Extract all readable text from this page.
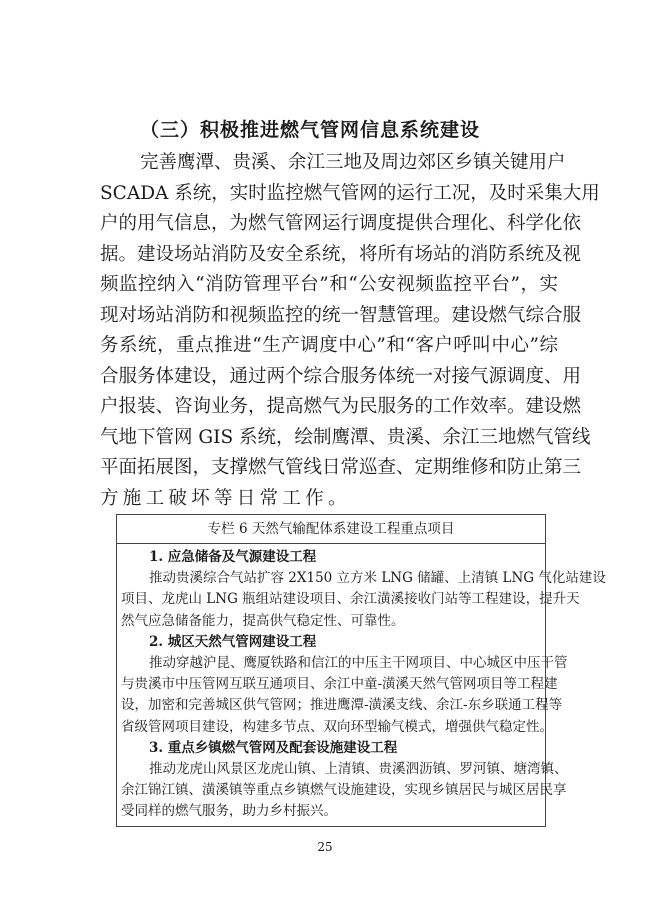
（三）积极推进燃气管网信息系统建设
完善鹰潭、贵溪、余江三地及周边郊区乡镇关键用户
SCADA 系统，实时监控燃气管网的运行工况，及时采集大用
户的用气信息，为燃气管网运行调度提供合理化、科学化依
据。建设场站消防及安全系统，将所有场站的消防系统及视
频监控纳入“消防管理平台”和“公安视频监控平台”，实
现对场站消防和视频监控的统一智慧管理。建设燃气综合服
务系统，重点推进“生产调度中心”和“客户呼叫中心”综
合服务体建设，通过两个综合服务体统一对接气源调度、用
户报装、咨询业务，提高燃气为民服务的工作效率。建设燃
气地下管网 GIS 系统，绘制鹰潭、贵溪、余江三地燃气管线
平面拓展图，支撑燃气管线日常巡查、定期维修和防止第三
方施工破坏等日常工作。
专栏 6 天然气输配体系建设工程重点项目
1. 应急储备及气源建设工程
推动贵溪综合气站扩容 2X150 立方米 LNG 储罐、上清镇 LNG 气化站建设
项目、龙虎山 LNG 瓶组站建设项目、余江潢溪接收门站等工程建设，提升天
然气应急储备能力，提高供气稳定性、可靠性。
2. 城区天然气管网建设工程
推动穿越沪昆、鹰厦铁路和信江的中压主干网项目、中心城区中压干管
与贵溪市中压管网互联互通项目、余江中童-潢溪天然气管网项目等工程建
设，加密和完善城区供气管网；推进鹰潭-潢溪支线、余江-东乡联通工程等
省级管网项目建设，构建多节点、双向环型输气模式，增强供气稳定性。
3. 重点乡镇燃气管网及配套设施建设工程
推动龙虎山风景区龙虎山镇、上清镇、贵溪泗沥镇、罗河镇、塘湾镇、
余江锦江镇、潢溪镇等重点乡镇燃气设施建设，实现乡镇居民与城区居民享
受同样的燃气服务，助力乡村振兴。
25
